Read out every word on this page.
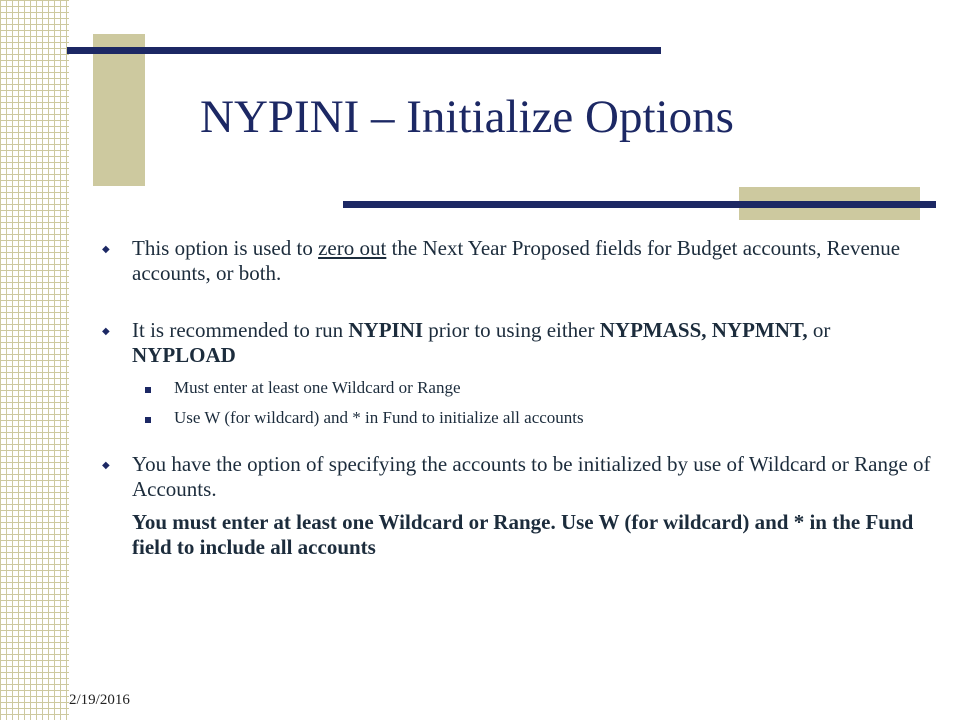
NYPINI – Initialize Options
◆ This option is used to zero out the Next Year Proposed fields for Budget accounts, Revenue accounts, or both.
◆ It is recommended to run NYPINI prior to using either NYPMASS, NYPMNT, or NYPLOAD
Must enter at least one Wildcard or Range
Use W (for wildcard) and * in Fund to initialize all accounts
◆ You have the option of specifying the accounts to be initialized by use of Wildcard or Range of Accounts.
You must enter at least one Wildcard or Range. Use W (for wildcard) and * in the Fund field to include all accounts
2/19/2016
